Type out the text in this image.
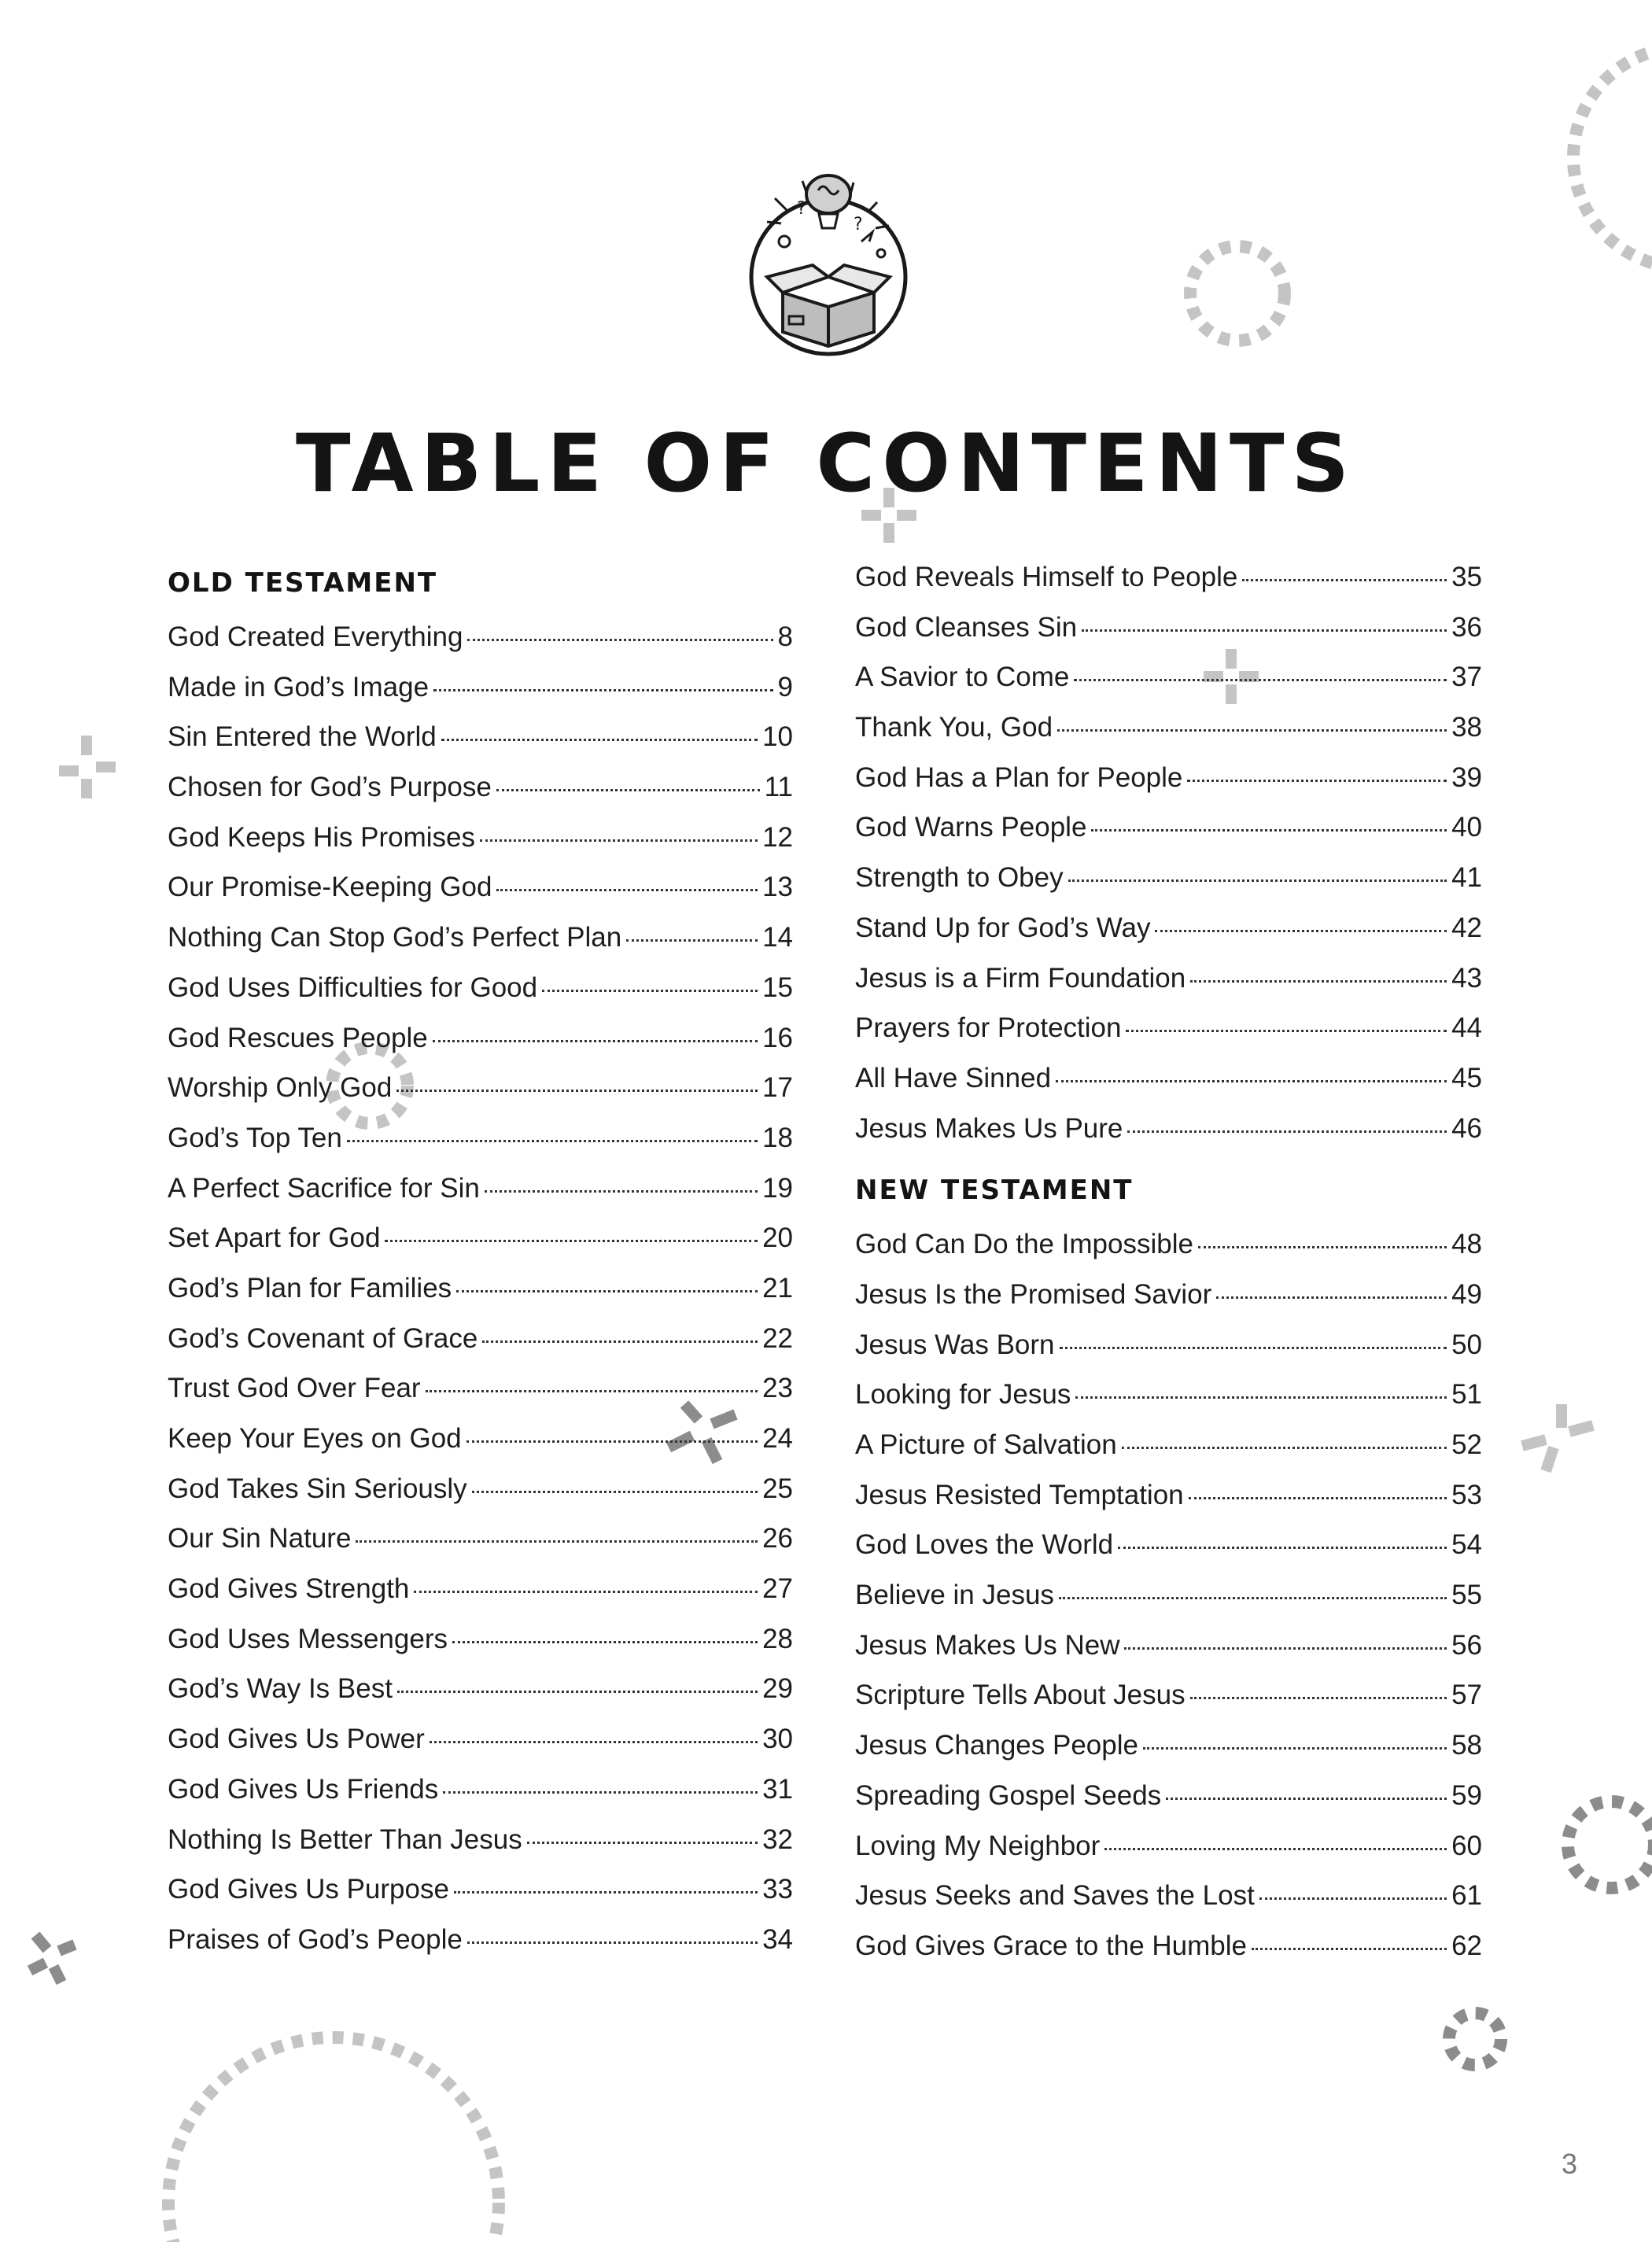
?
?
TABLE OF CONTENTS
OLD TESTAMENT
God Created Everything	8
Made in God’s Image	9
Sin Entered the World	10
Chosen for God’s Purpose	11
God Keeps His Promises	12
Our Promise-Keeping God	13
Nothing Can Stop God’s Perfect Plan	14
God Uses Difficulties for Good	15
God Rescues People	16
Worship Only God	17
God’s Top Ten	18
A Perfect Sacrifice for Sin	19
Set Apart for God	20
God’s Plan for Families	21
God’s Covenant of Grace	22
Trust God Over Fear	23
Keep Your Eyes on God	24
God Takes Sin Seriously	25
Our Sin Nature	26
God Gives Strength	27
God Uses Messengers	28
God’s Way Is Best	29
God Gives Us Power	30
God Gives Us Friends	31
Nothing Is Better Than Jesus	32
God Gives Us Purpose	33
Praises of God’s People	34
God Reveals Himself to People	35
God Cleanses Sin	36
A Savior to Come	37
Thank You, God	38
God Has a Plan for People	39
God Warns People	40
Strength to Obey	41
Stand Up for God’s Way	42
Jesus is a Firm Foundation	43
Prayers for Protection	44
All Have Sinned	45
Jesus Makes Us Pure	46
NEW TESTAMENT
God Can Do the Impossible	48
Jesus Is the Promised Savior	49
Jesus Was Born	50
Looking for Jesus	51
A Picture of Salvation	52
Jesus Resisted Temptation	53
God Loves the World	54
Believe in Jesus	55
Jesus Makes Us New	56
Scripture Tells About Jesus	57
Jesus Changes People	58
Spreading Gospel Seeds	59
Loving My Neighbor	60
Jesus Seeks and Saves the Lost	61
God Gives Grace to the Humble	62
3
